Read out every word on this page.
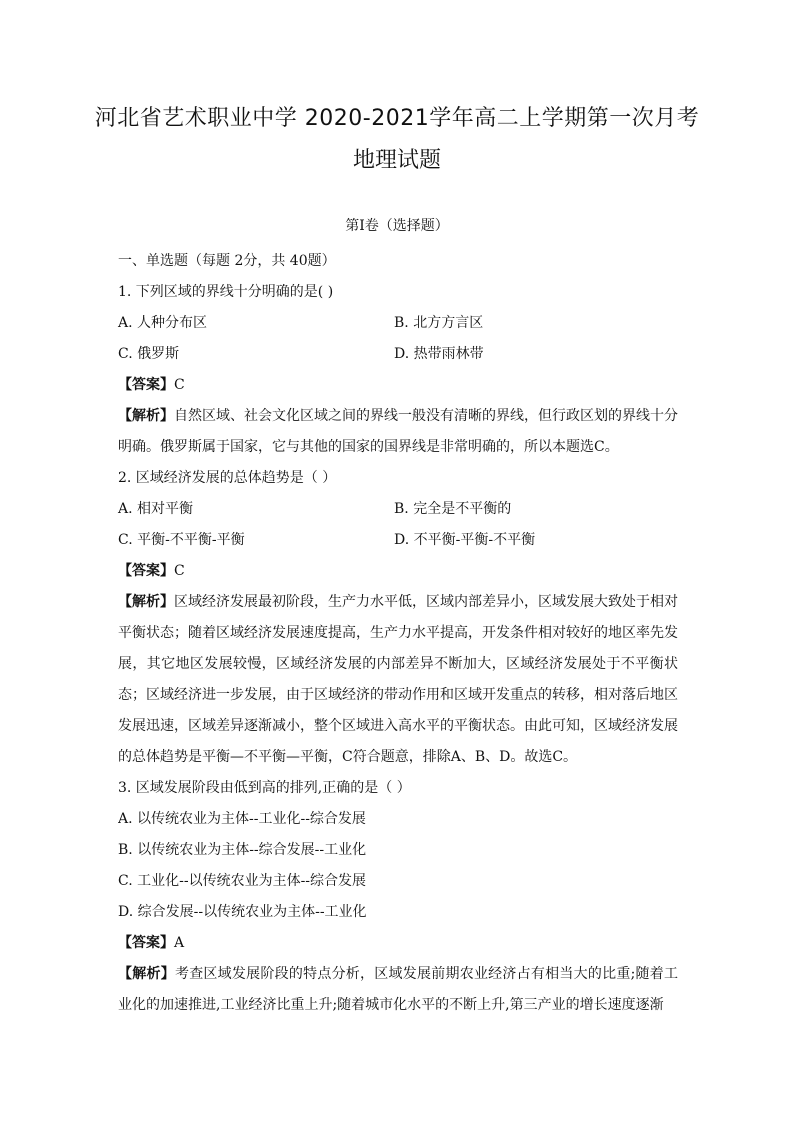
河北省艺术职业中学 2020-2021学年高二上学期第一次月考
地理试题
第Ⅰ卷（选择题）
一、单选题（每题 2分，共 40题）
1. 下列区域的界线十分明确的是( )
A. 人种分布区	B. 北方方言区
C. 俄罗斯	D. 热带雨林带
【答案】C
【解析】自然区域、社会文化区域之间的界线一般没有清晰的界线，但行政区划的界线十分明确。俄罗斯属于国家，它与其他的国家的国界线是非常明确的，所以本题选C。
2. 区域经济发展的总体趋势是（ ）
A. 相对平衡	B. 完全是不平衡的
C. 平衡-不平衡-平衡	D. 不平衡-平衡-不平衡
【答案】C
【解析】区域经济发展最初阶段，生产力水平低，区域内部差异小，区域发展大致处于相对平衡状态；随着区域经济发展速度提高，生产力水平提高，开发条件相对较好的地区率先发展，其它地区发展较慢，区域经济发展的内部差异不断加大，区域经济发展处于不平衡状态；区域经济进一步发展，由于区域经济的带动作用和区域开发重点的转移，相对落后地区发展迅速，区域差异逐渐减小，整个区域进入高水平的平衡状态。由此可知，区域经济发展的总体趋势是平衡—不平衡—平衡，C符合题意，排除A、B、D。故选C。
3. 区域发展阶段由低到高的排列,正确的是（ ）
A. 以传统农业为主体--工业化--综合发展
B. 以传统农业为主体--综合发展--工业化
C. 工业化--以传统农业为主体--综合发展
D. 综合发展--以传统农业为主体--工业化
【答案】A
【解析】考查区域发展阶段的特点分析，区域发展前期农业经济占有相当大的比重;随着工业化的加速推进,工业经济比重上升;随着城市化水平的不断上升,第三产业的增长速度逐渐
